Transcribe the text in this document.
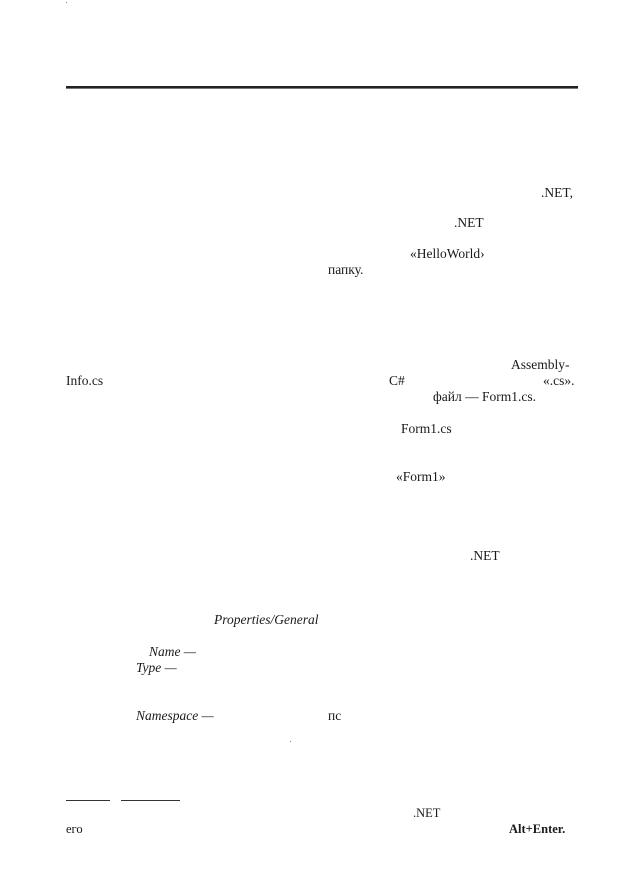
.NET,
.NET
«HelloWorld›
папку.
Assembly-
Info.cs	C#	«.cs».
файл — Form1.cs.
Form1.cs
«Form1»
.NET
Properties/General
Name —
Type —
Namespace —	пс
.NET
его	Alt+Enter.
